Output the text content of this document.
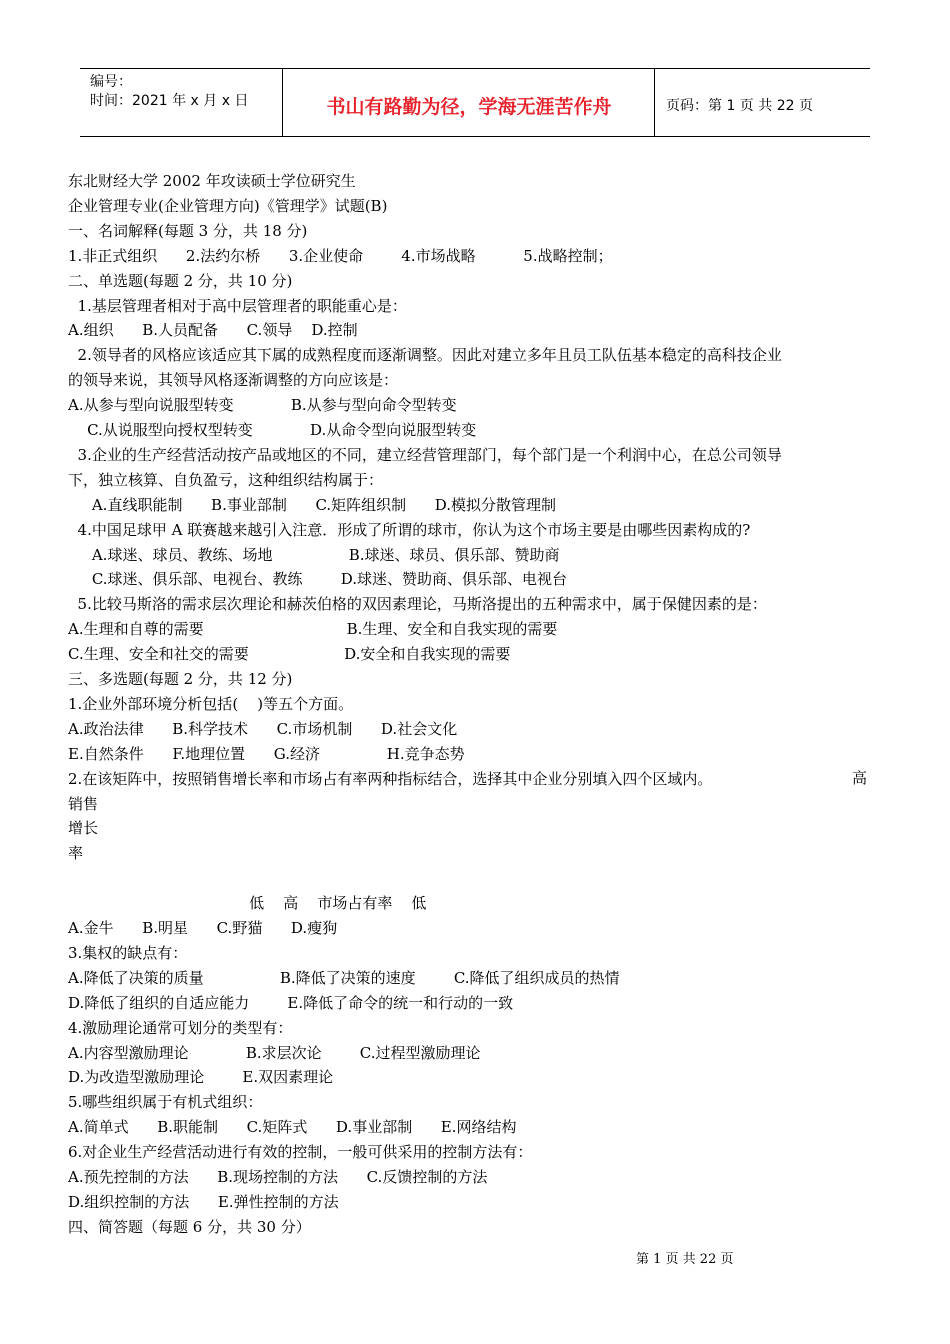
编号：
时间：2021 年 x 月 x 日	书山有路勤为径，学海无涯苦作舟	页码：第 1 页 共 22 页
东北财经大学 2002 年攻读硕士学位研究生
企业管理专业(企业管理方向)《管理学》试题(B)
一、名词解释(每题 3 分，共 18 分)
1.非正式组织      2.法约尔桥      3.企业使命        4.市场战略          5.战略控制；
二、单选题(每题 2 分，共 10 分)
1.基层管理者相对于高中层管理者的职能重心是：
A.组织      B.人员配备      C.领导    D.控制
2.领导者的风格应该适应其下属的成熟程度而逐渐调整。因此对建立多年且员工队伍基本稳定的高科技企业
的领导来说，其领导风格逐渐调整的方向应该是：
A.从参与型向说服型转变            B.从参与型向命令型转变
C.从说服型向授权型转变            D.从命令型向说服型转变
3.企业的生产经营活动按产品或地区的不同，建立经营管理部门，每个部门是一个利润中心，在总公司领导
下，独立核算、自负盈亏，这种组织结构属于：
A.直线职能制      B.事业部制      C.矩阵组织制      D.模拟分散管理制
4.中国足球甲 A 联赛越来越引入注意．形成了所谓的球市，你认为这个市场主要是由哪些因素构成的?
A.球迷、球员、教练、场地                B.球迷、球员、俱乐部、赞助商
C.球迷、俱乐部、电视台、教练        D.球迷、赞助商、俱乐部、电视台
5.比较马斯洛的需求层次理论和赫茨伯格的双因素理论，马斯洛提出的五种需求中，属于保健因素的是：
A.生理和自尊的需要                              B.生理、安全和自我实现的需要
C.生理、安全和社交的需要                    D.安全和自我实现的需要
三、多选题(每题 2 分，共 12 分)
1.企业外部环境分析包括(    )等五个方面。
A.政治法律      B.科学技术      C.市场机制      D.社会文化
E.自然条件      F.地理位置      G.经济              H.竞争态势
2.在该矩阵中，按照销售增长率和市场占有率两种指标结合，选择其中企业分别填入四个区域内。
销售
增长
率
低    高    市场占有率    低
A.金牛      B.明星      C.野猫      D.瘦狗
3.集权的缺点有：
A.降低了决策的质量                B.降低了决策的速度        C.降低了组织成员的热情
D.降低了组织的自适应能力        E.降低了命令的统一和行动的一致
4.激励理论通常可划分的类型有：
A.内容型激励理论            B.求层次论        C.过程型激励理论
D.为改造型激励理论        E.双因素理论
5.哪些组织属于有机式组织：
A.简单式      B.职能制      C.矩阵式      D.事业部制      E.网络结构
6.对企业生产经营活动进行有效的控制，一般可供采用的控制方法有：
A.预先控制的方法      B.现场控制的方法      C.反馈控制的方法
D.组织控制的方法      E.弹性控制的方法
四、简答题（每题 6 分，共 30 分）
高
第 1 页 共 22 页
